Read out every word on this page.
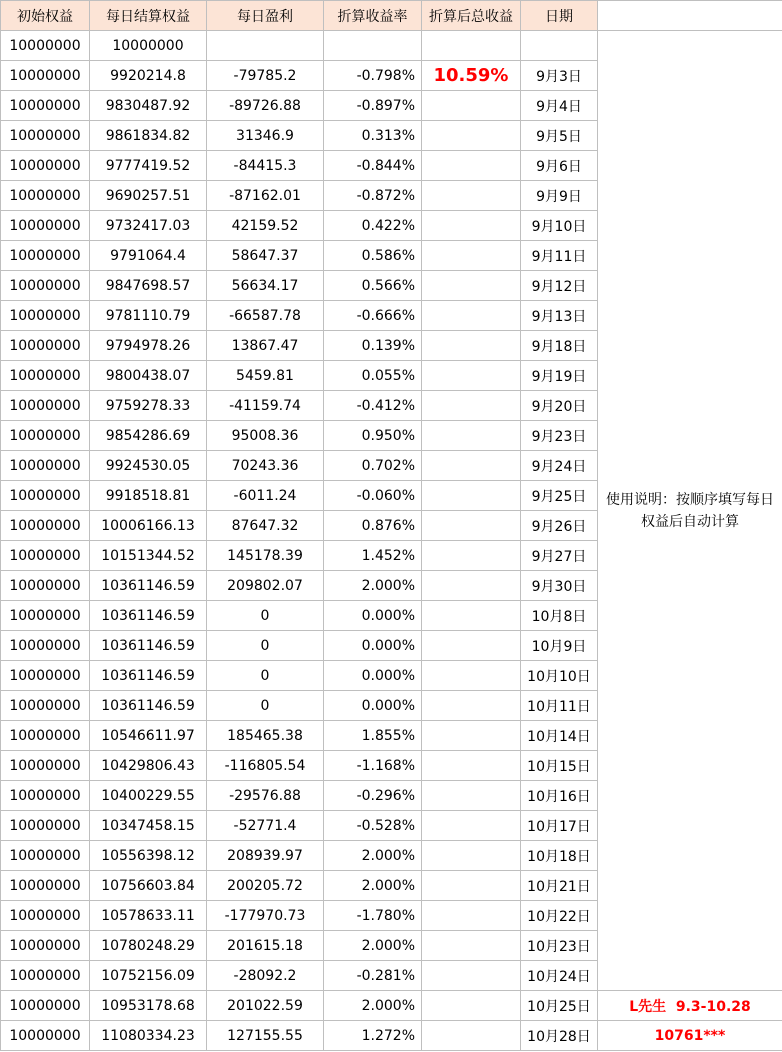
初始权益	每日结算权益	每日盈利	折算收益率	折算后总收益	日期	
10000000	10000000					使用说明：按顺序填写每日权益后自动计算
10000000	9920214.8	-79785.2	-0.798%	10.59%	9月3日	
10000000	9830487.92	-89726.88	-0.897%		9月4日	
10000000	9861834.82	31346.9	0.313%		9月5日	
10000000	9777419.52	-84415.3	-0.844%		9月6日	
10000000	9690257.51	-87162.01	-0.872%		9月9日	
10000000	9732417.03	42159.52	0.422%		9月10日	
10000000	9791064.4	58647.37	0.586%		9月11日	
10000000	9847698.57	56634.17	0.566%		9月12日	
10000000	9781110.79	-66587.78	-0.666%		9月13日	
10000000	9794978.26	13867.47	0.139%		9月18日	
10000000	9800438.07	5459.81	0.055%		9月19日	
10000000	9759278.33	-41159.74	-0.412%		9月20日	
10000000	9854286.69	95008.36	0.950%		9月23日	
10000000	9924530.05	70243.36	0.702%		9月24日	
10000000	9918518.81	-6011.24	-0.060%		9月25日	
10000000	10006166.13	87647.32	0.876%		9月26日	
10000000	10151344.52	145178.39	1.452%		9月27日	
10000000	10361146.59	209802.07	2.000%		9月30日	
10000000	10361146.59	0	0.000%		10月8日	
10000000	10361146.59	0	0.000%		10月9日	
10000000	10361146.59	0	0.000%		10月10日	
10000000	10361146.59	0	0.000%		10月11日	
10000000	10546611.97	185465.38	1.855%		10月14日	
10000000	10429806.43	-116805.54	-1.168%		10月15日	
10000000	10400229.55	-29576.88	-0.296%		10月16日	
10000000	10347458.15	-52771.4	-0.528%		10月17日	
10000000	10556398.12	208939.97	2.000%		10月18日	
10000000	10756603.84	200205.72	2.000%		10月21日	
10000000	10578633.11	-177970.73	-1.780%		10月22日	
10000000	10780248.29	201615.18	2.000%		10月23日	
10000000	10752156.09	-28092.2	-0.281%		10月24日	
10000000	10953178.68	201022.59	2.000%		10月25日	L先生  9.3-10.28
10000000	11080334.23	127155.55	1.272%		10月28日	10761***
